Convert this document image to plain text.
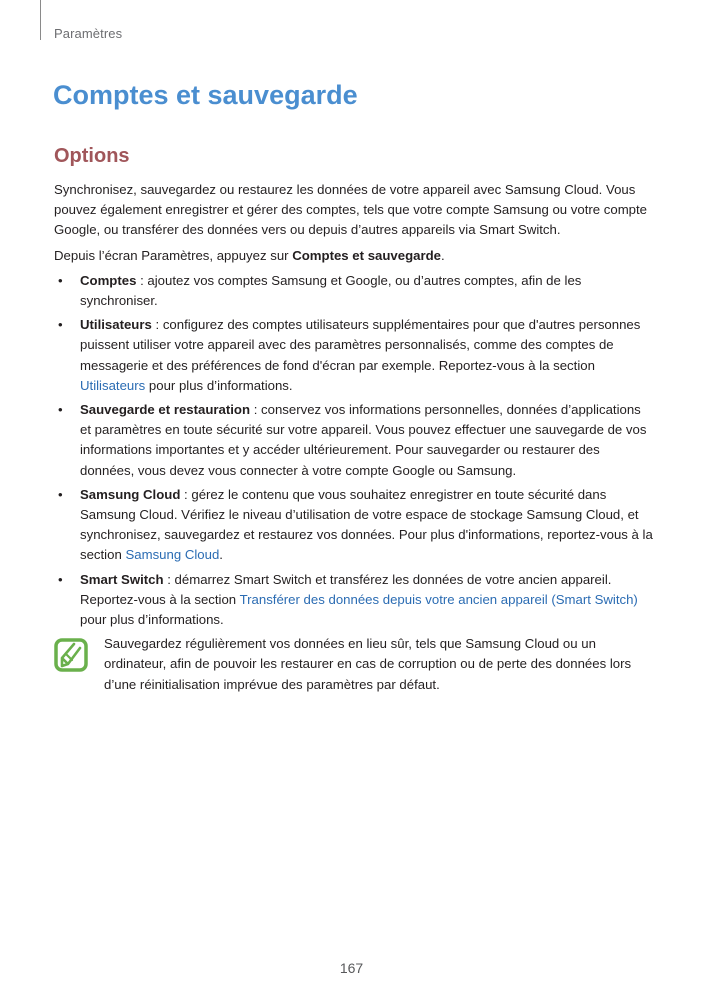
Paramètres
Comptes et sauvegarde
Options

Synchronisez, sauvegardez ou restaurez les données de votre appareil avec Samsung Cloud. Vous pouvez également enregistrer et gérer des comptes, tels que votre compte Samsung ou votre compte Google, ou transférer des données vers ou depuis d’autres appareils via Smart Switch.

Depuis l’écran Paramètres, appuyez sur Comptes et sauvegarde.

• Comptes : ajoutez vos comptes Samsung et Google, ou d’autres comptes, afin de les synchroniser.
• Utilisateurs : configurez des comptes utilisateurs supplémentaires pour que d'autres personnes puissent utiliser votre appareil avec des paramètres personnalisés, comme des comptes de messagerie et des préférences de fond d'écran par exemple. Reportez-vous à la section Utilisateurs pour plus d’informations.
• Sauvegarde et restauration : conservez vos informations personnelles, données d’applications et paramètres en toute sécurité sur votre appareil. Vous pouvez effectuer une sauvegarde de vos informations importantes et y accéder ultérieurement. Pour sauvegarder ou restaurer des données, vous devez vous connecter à votre compte Google ou Samsung.
• Samsung Cloud : gérez le contenu que vous souhaitez enregistrer en toute sécurité dans Samsung Cloud. Vérifiez le niveau d’utilisation de votre espace de stockage Samsung Cloud, et synchronisez, sauvegardez et restaurez vos données. Pour plus d'informations, reportez-vous à la section Samsung Cloud.
• Smart Switch : démarrez Smart Switch et transférez les données de votre ancien appareil. Reportez-vous à la section Transférer des données depuis votre ancien appareil (Smart Switch) pour plus d’informations.
Sauvegardez régulièrement vos données en lieu sûr, tels que Samsung Cloud ou un ordinateur, afin de pouvoir les restaurer en cas de corruption ou de perte des données lors d’une réinitialisation imprévue des paramètres par défaut.
167
